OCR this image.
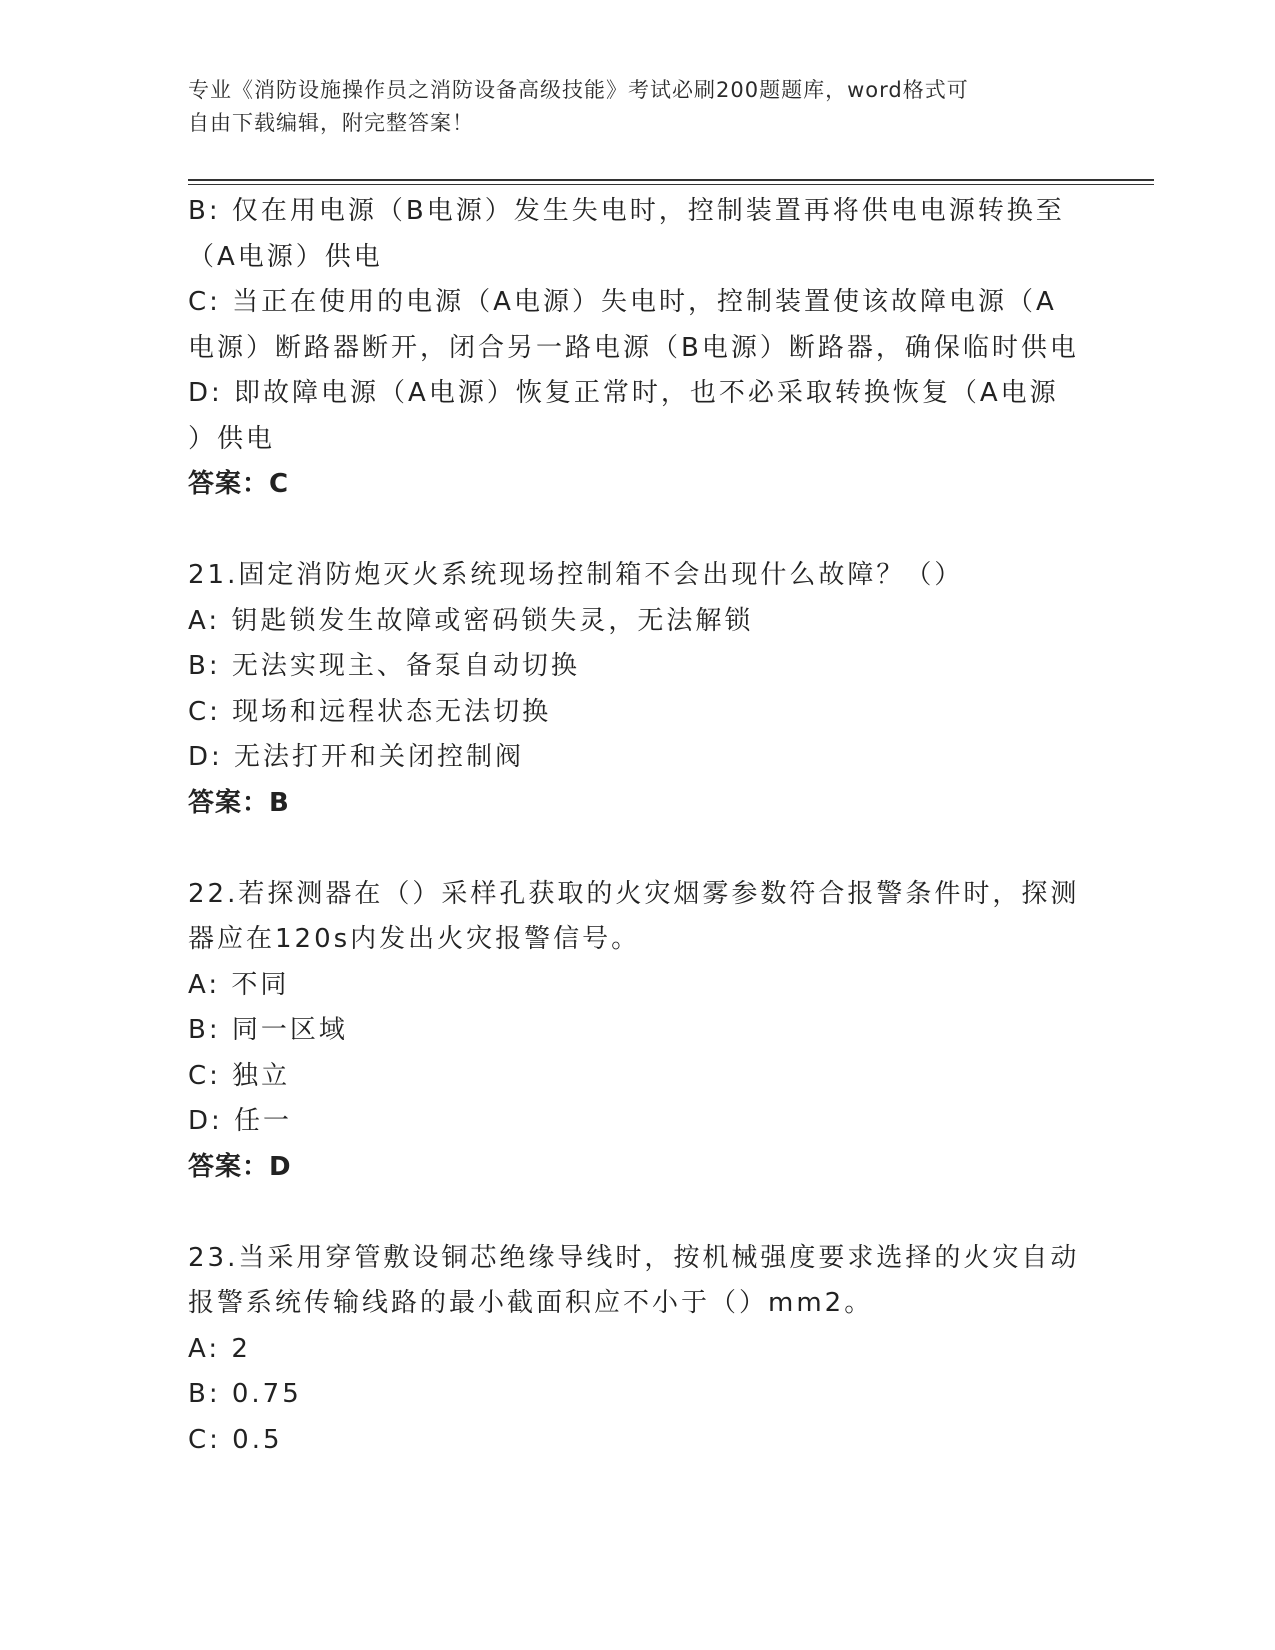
专业《消防设施操作员之消防设备高级技能》考试必刷200题题库，word格式可
自由下载编辑，附完整答案！
B: 仅在用电源（B电源）发生失电时，控制装置再将供电电源转换至
（A电源）供电
C: 当正在使用的电源（A电源）失电时，控制装置使该故障电源（A
电源）断路器断开，闭合另一路电源（B电源）断路器，确保临时供电
D: 即故障电源（A电源）恢复正常时，也不必采取转换恢复（A电源
）供电
答案：C
21.固定消防炮灭火系统现场控制箱不会出现什么故障？（）
A: 钥匙锁发生故障或密码锁失灵，无法解锁
B: 无法实现主、备泵自动切换
C: 现场和远程状态无法切换
D: 无法打开和关闭控制阀
答案：B
22.若探测器在（）采样孔获取的火灾烟雾参数符合报警条件时，探测
器应在120s内发出火灾报警信号。
A: 不同
B: 同一区域
C: 独立
D: 任一
答案：D
23.当采用穿管敷设铜芯绝缘导线时，按机械强度要求选择的火灾自动
报警系统传输线路的最小截面积应不小于（）mm2。
A: 2
B: 0.75
C: 0.5
